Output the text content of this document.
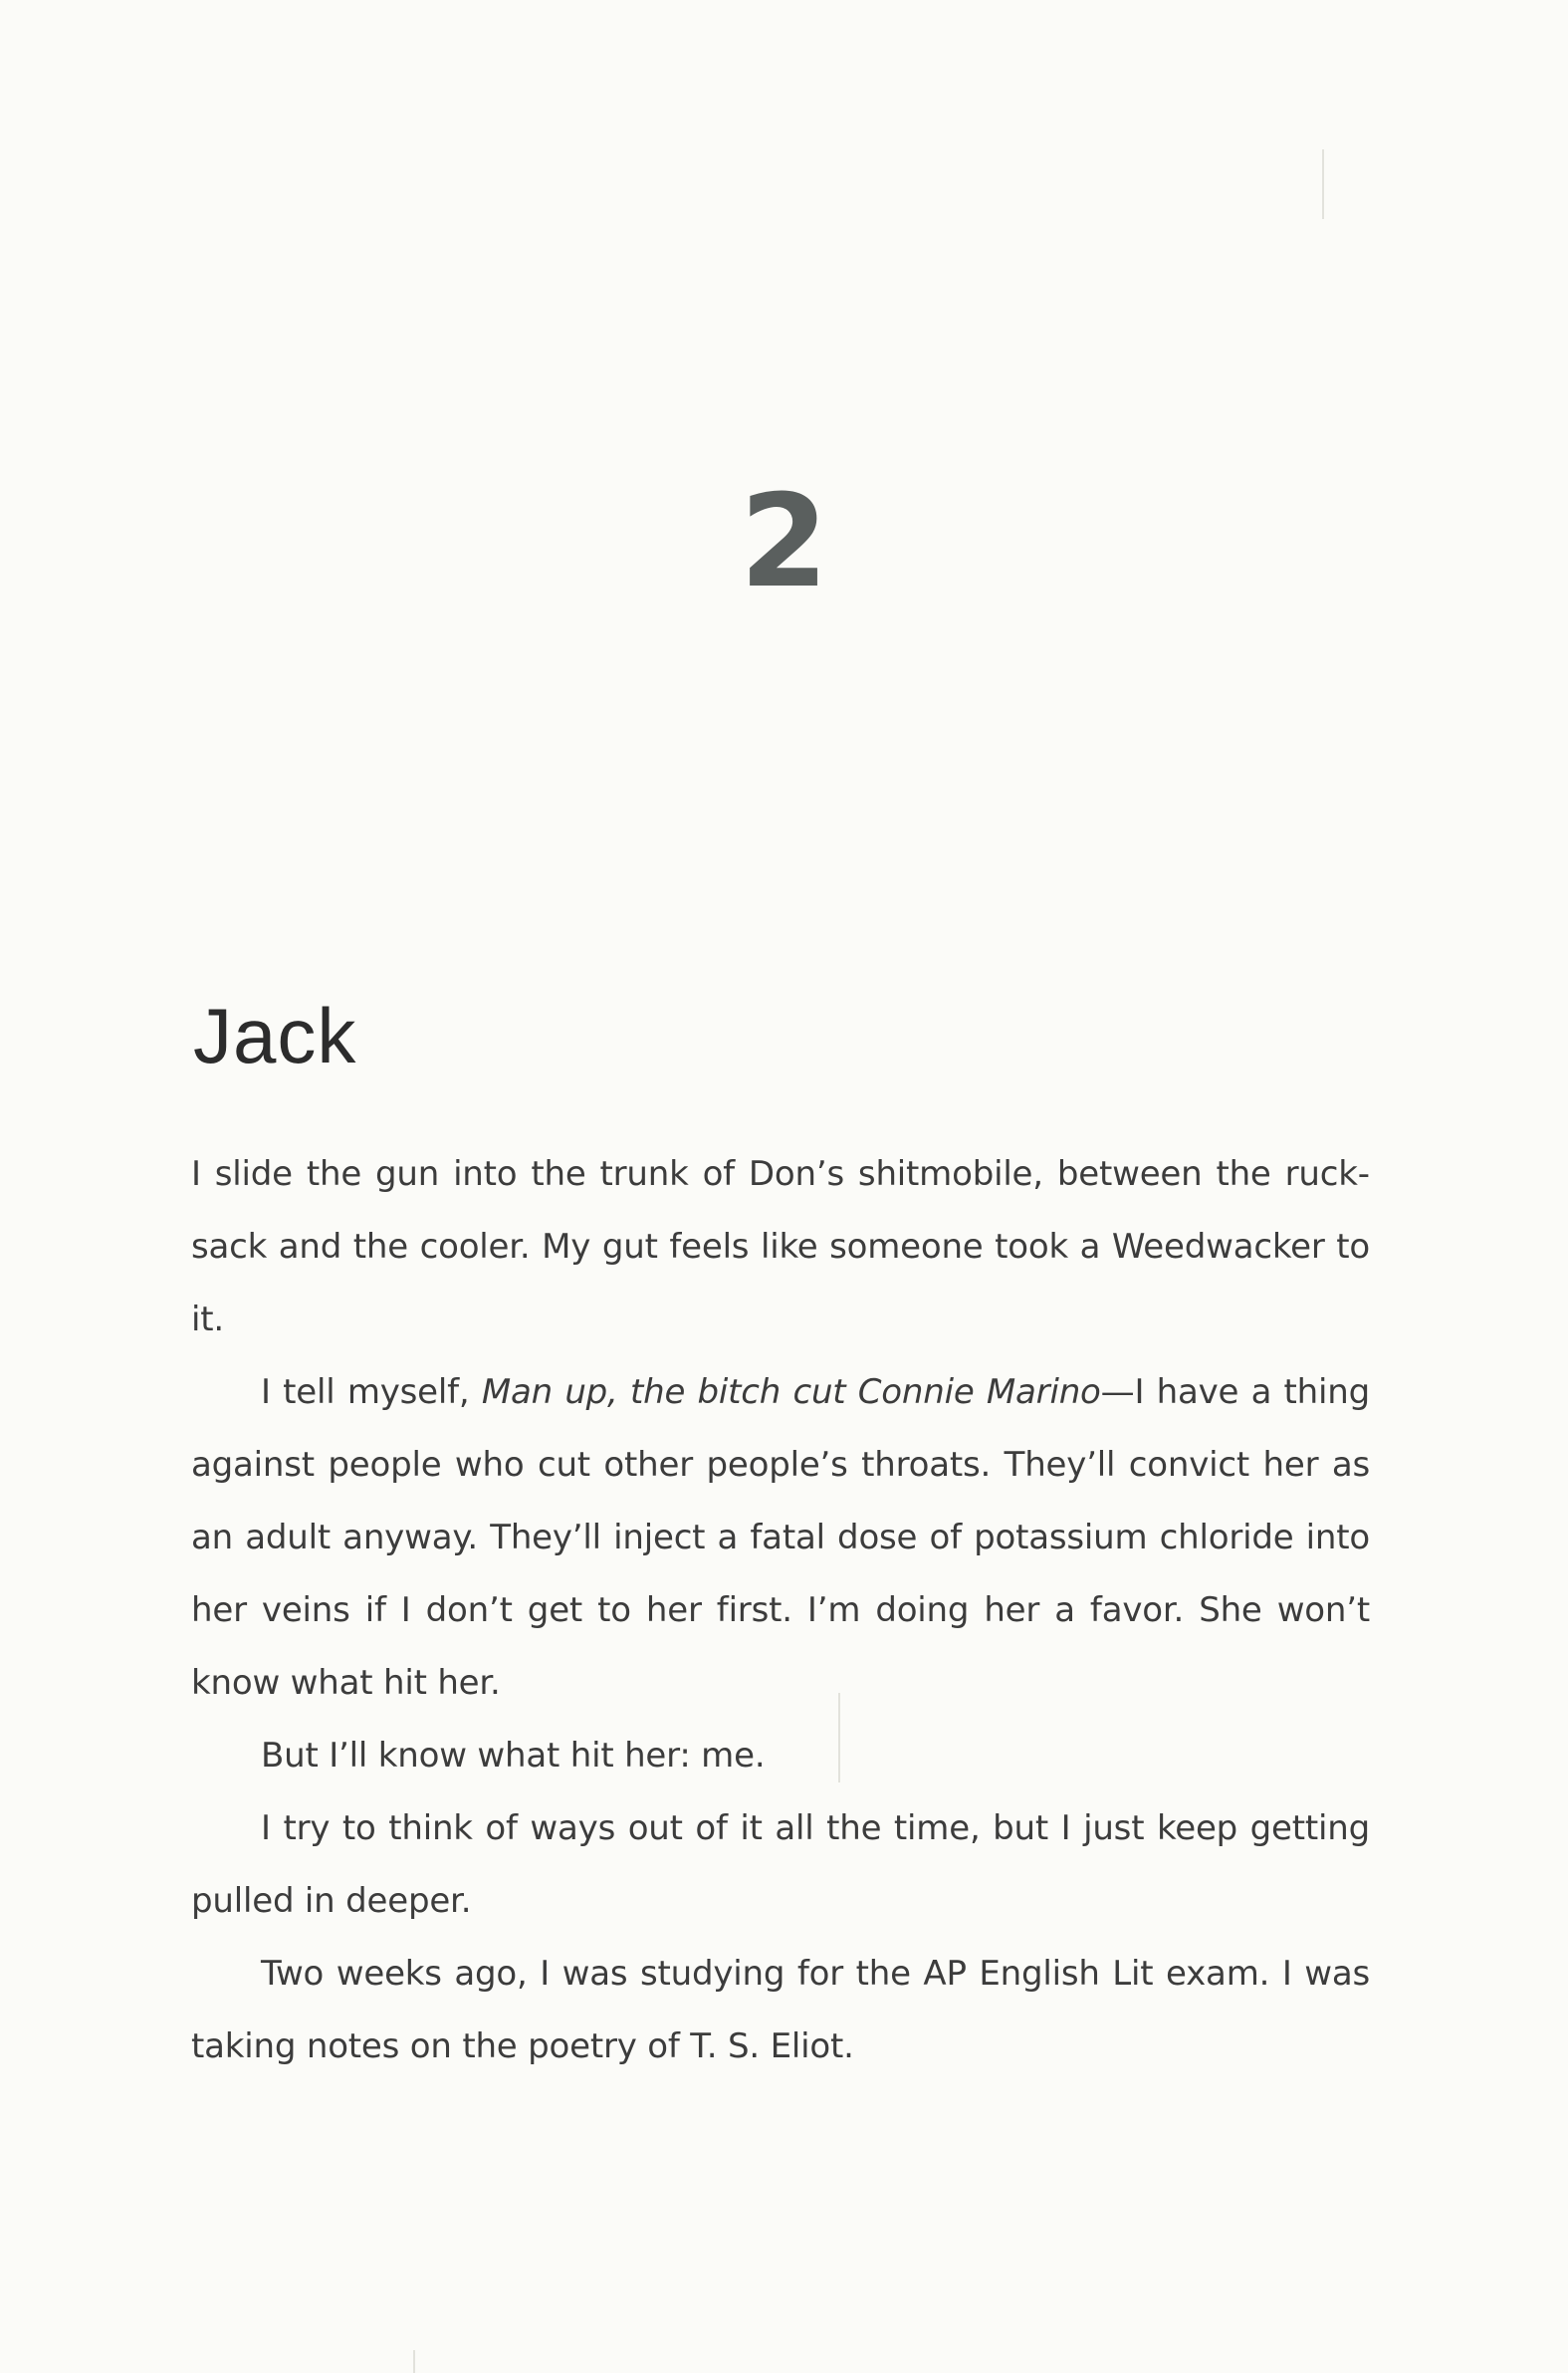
2
Jack

I slide the gun into the trunk of Don’s shitmobile, between the rucksack and the cooler. My gut feels like someone took a Weedwacker to it.

I tell myself, Man up, the bitch cut Connie Marino—I have a thing against people who cut other people’s throats. They’ll convict her as an adult anyway. They’ll inject a fatal dose of potassium chloride into her veins if I don’t get to her first. I’m doing her a favor. She won’t know what hit her.

But I’ll know what hit her: me.

I try to think of ways out of it all the time, but I just keep getting pulled in deeper.

Two weeks ago, I was studying for the AP English Lit exam. I was taking notes on the poetry of T. S. Eliot.
